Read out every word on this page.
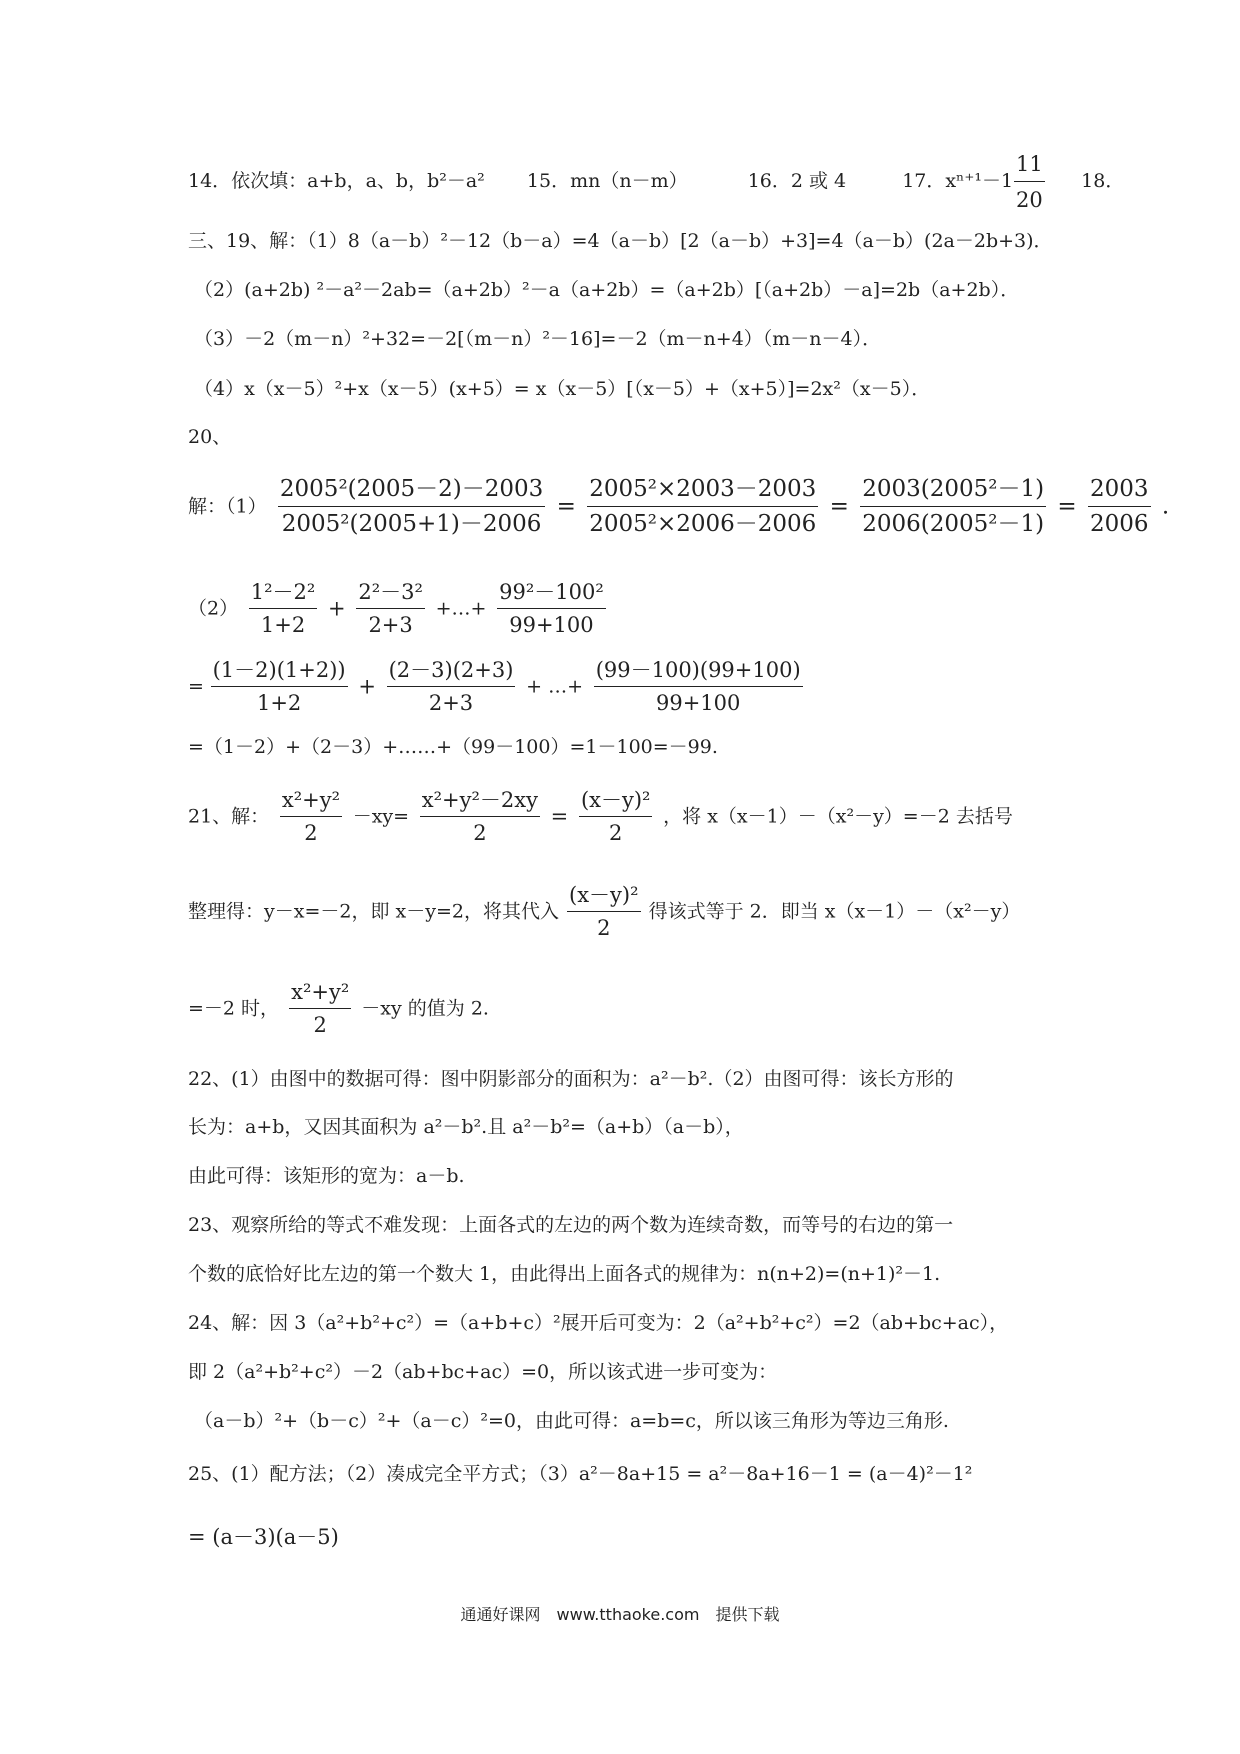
14．依次填：a+b，a、b，b²－a² 15．mn（n－m）	16．2 或 4	17．xⁿ⁺¹－1	18．
$\frac{11}{20}$
三、19、解：（1）8（a－b）²－12（b－a）=4（a－b）[2（a－b）+3]=4（a－b）(2a－2b+3)．
（2）(a+2b) ²－a²－2ab=（a+2b）²－a（a+2b）=（a+2b）[（a+2b）－a]=2b（a+2b）．
（3）－2（m－n）²+32=－2[（m－n）²－16]=－2（m－n+4）（m－n－4）．
（4）x（x－5）²+x（x－5）(x+5）= x（x－5）[（x－5）+（x+5）]=2x²（x－5）．
20、
解：$(1) \frac{\text{2005²(2005－2)－2003}}{\text{2005²(2005+1)－2006}} = \frac{\text{2005²×2003－2003}}{\text{2005²×2006－2006}} = \frac{\text{2003(2005²－1)}}{\text{2006(2005²－1)}} = \frac{2003}{2006}$ .
$(2) \frac{\text{1²－2²}}{1+2} + \frac{\text{2²－3²}}{2+3}$ +…+ $\frac{\text{99²－100²}}{99+100}$
= $\frac{(1-2)(1+2))}{1+2} + \frac{(2-3)(2+3)}{2+3}$ + …+ $\frac{(99-100)(99+100)}{99+100}$
=（1－2）+（2－3）+……+（99－100）=1－100=－99.
21、解： $\frac{\text{x²+y²}}{2} -xy= \frac{\text{x²+y²－2xy}}{2} = \frac{\text{(x－y)²}}{2}$ ，将 x（x－1）－（x²－y）=－2 去括号
整理得：y－x=－2，即 x－y=2，将其代入 $\frac{\text{(x－y)²}}{2}$ 得该式等于 2．即当 x（x－1）－（x²－y）
=－2 时， $\frac{\text{x²+y²}}{2} -xy$ 的值为 2.
22、(1）由图中的数据可得：图中阴影部分的面积为：a²－b².（2）由图可得：该长方形的
长为：a+b，又因其面积为 a²－b².且 a²－b²=（a+b）（a－b），
由此可得：该矩形的宽为：a－b.
23、观察所给的等式不难发现：上面各式的左边的两个数为连续奇数，而等号的右边的第一
个数的底恰好比左边的第一个数大 1，由此得出上面各式的规律为：n(n+2)=(n+1)²－1.
24、解：因 3（a²+b²+c²）=（a+b+c）²展开后可变为：2（a²+b²+c²）=2（ab+bc+ac），
即 2（a²+b²+c²）－2（ab+bc+ac）=0，所以该式进一步可变为：
（a－b）²+（b－c）²+（a－c）²=0，由此可得：a=b=c，所以该三角形为等边三角形.
25、(1）配方法；（2）凑成完全平方式；（3）a²－8a+15 = a²－8a+16－1 = (a－4)²－1²
= (a－3)(a－5)
通通好课网　www.tthaoke.com　提供下载
